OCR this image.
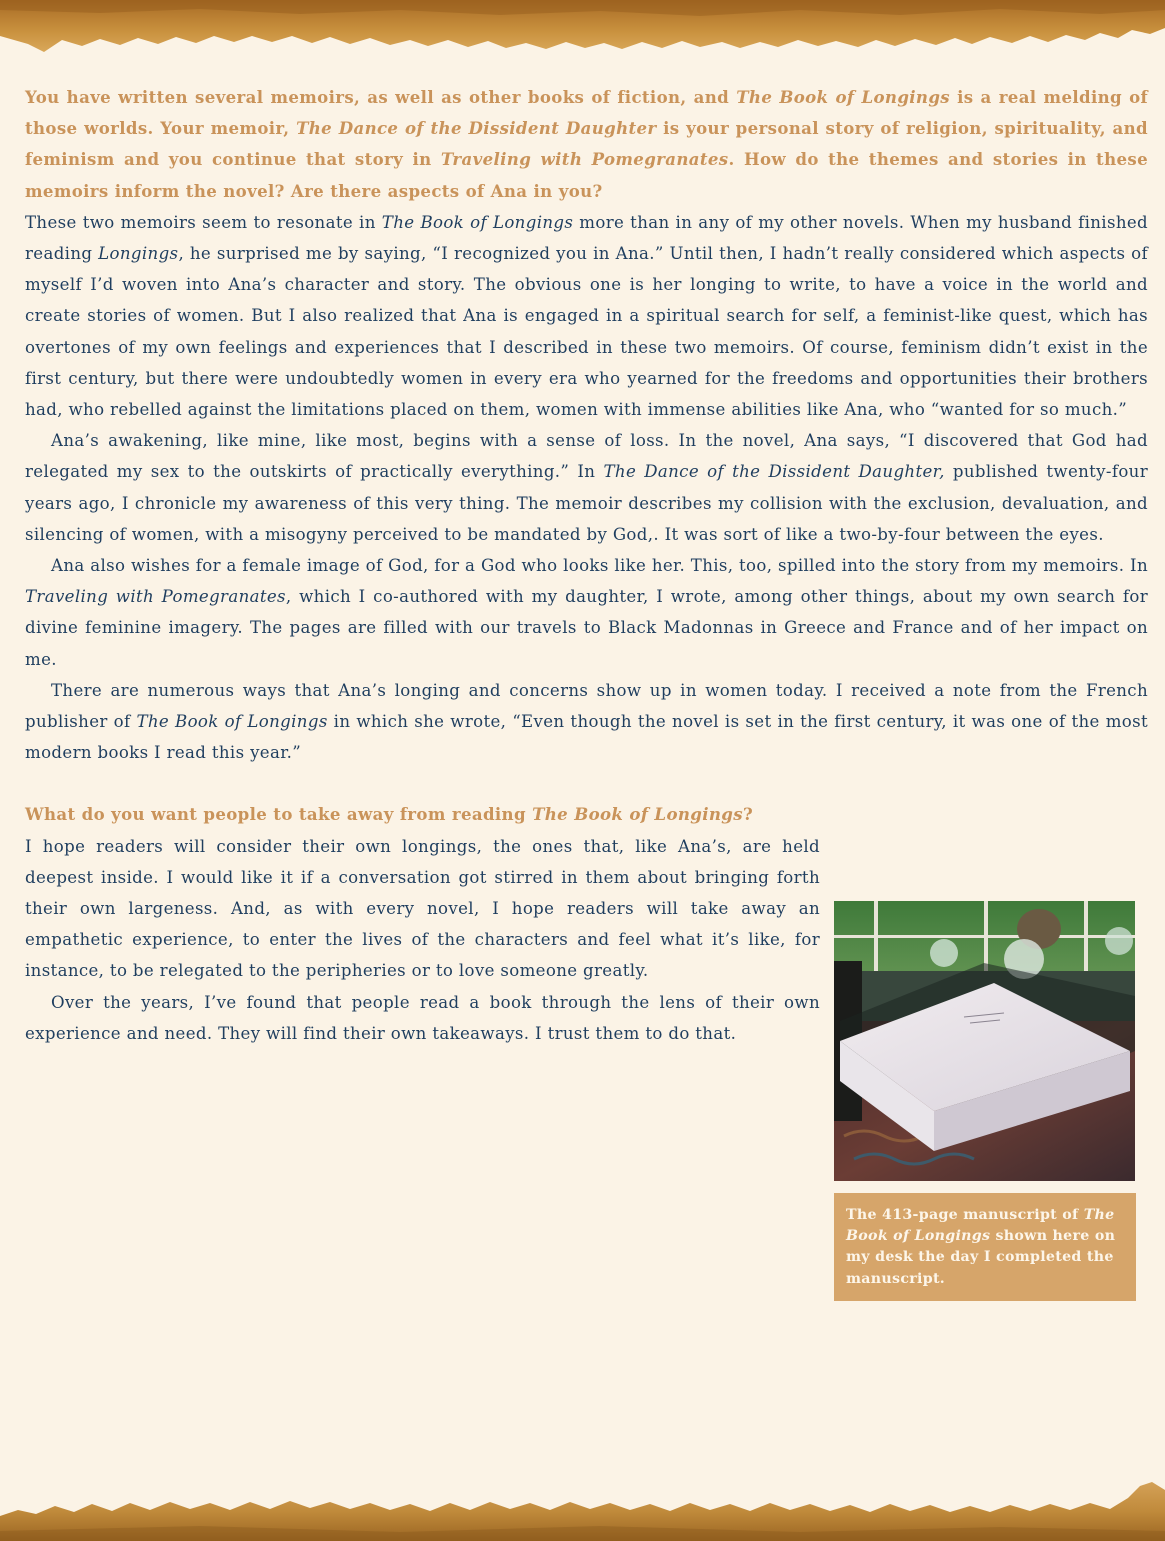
You have written several memoirs, as well as other books of fiction, and The Book of Longings is a real melding of those worlds. Your memoir, The Dance of the Dissident Daughter is your personal story of religion, spirituality, and feminism and you continue that story in Traveling with Pomegranates. How do the themes and stories in these memoirs inform the novel? Are there aspects of Ana in you?

These two memoirs seem to resonate in The Book of Longings more than in any of my other novels. When my husband finished reading Longings, he surprised me by saying, “I recognized you in Ana.” Until then, I hadn’t really considered which aspects of myself I’d woven into Ana’s character and story. The obvious one is her longing to write, to have a voice in the world and create stories of women. But I also realized that Ana is engaged in a spiritual search for self, a feminist-like quest, which has overtones of my own feelings and experiences that I described in these two memoirs. Of course, feminism didn’t exist in the first century, but there were undoubtedly women in every era who yearned for the freedoms and opportunities their brothers had, who rebelled against the limitations placed on them, women with immense abilities like Ana, who “wanted for so much.”

Ana’s awakening, like mine, like most, begins with a sense of loss. In the novel, Ana says, “I discovered that God had relegated my sex to the outskirts of practically everything.” In The Dance of the Dissident Daughter, published twenty-four years ago, I chronicle my awareness of this very thing. The memoir describes my collision with the exclusion, devaluation, and silencing of women, with a misogyny perceived to be mandated by God,. It was sort of like a two-by-four between the eyes.

Ana also wishes for a female image of God, for a God who looks like her. This, too, spilled into the story from my memoirs. In Traveling with Pomegranates, which I co-authored with my daughter, I wrote, among other things, about my own search for divine feminine imagery. The pages are filled with our travels to Black Madonnas in Greece and France and of her impact on me.

There are numerous ways that Ana’s longing and concerns show up in women today. I received a note from the French publisher of The Book of Longings in which she wrote, “Even though the novel is set in the first century, it was one of the most modern books I read this year.”

What do you want people to take away from reading The Book of Longings?

I hope readers will consider their own longings, the ones that, like Ana’s, are held deepest inside. I would like it if a conversation got stirred in them about bringing forth their own largeness. And, as with every novel, I hope readers will take away an empathetic experience, to enter the lives of the characters and feel what it’s like, for instance, to be relegated to the peripheries or to love someone greatly.

Over the years, I’ve found that people read a book through the lens of their own experience and need. They will find their own takeaways. I trust them to do that.

The 413-page manuscript of The Book of Longings shown here on my desk the day I completed the manuscript.
